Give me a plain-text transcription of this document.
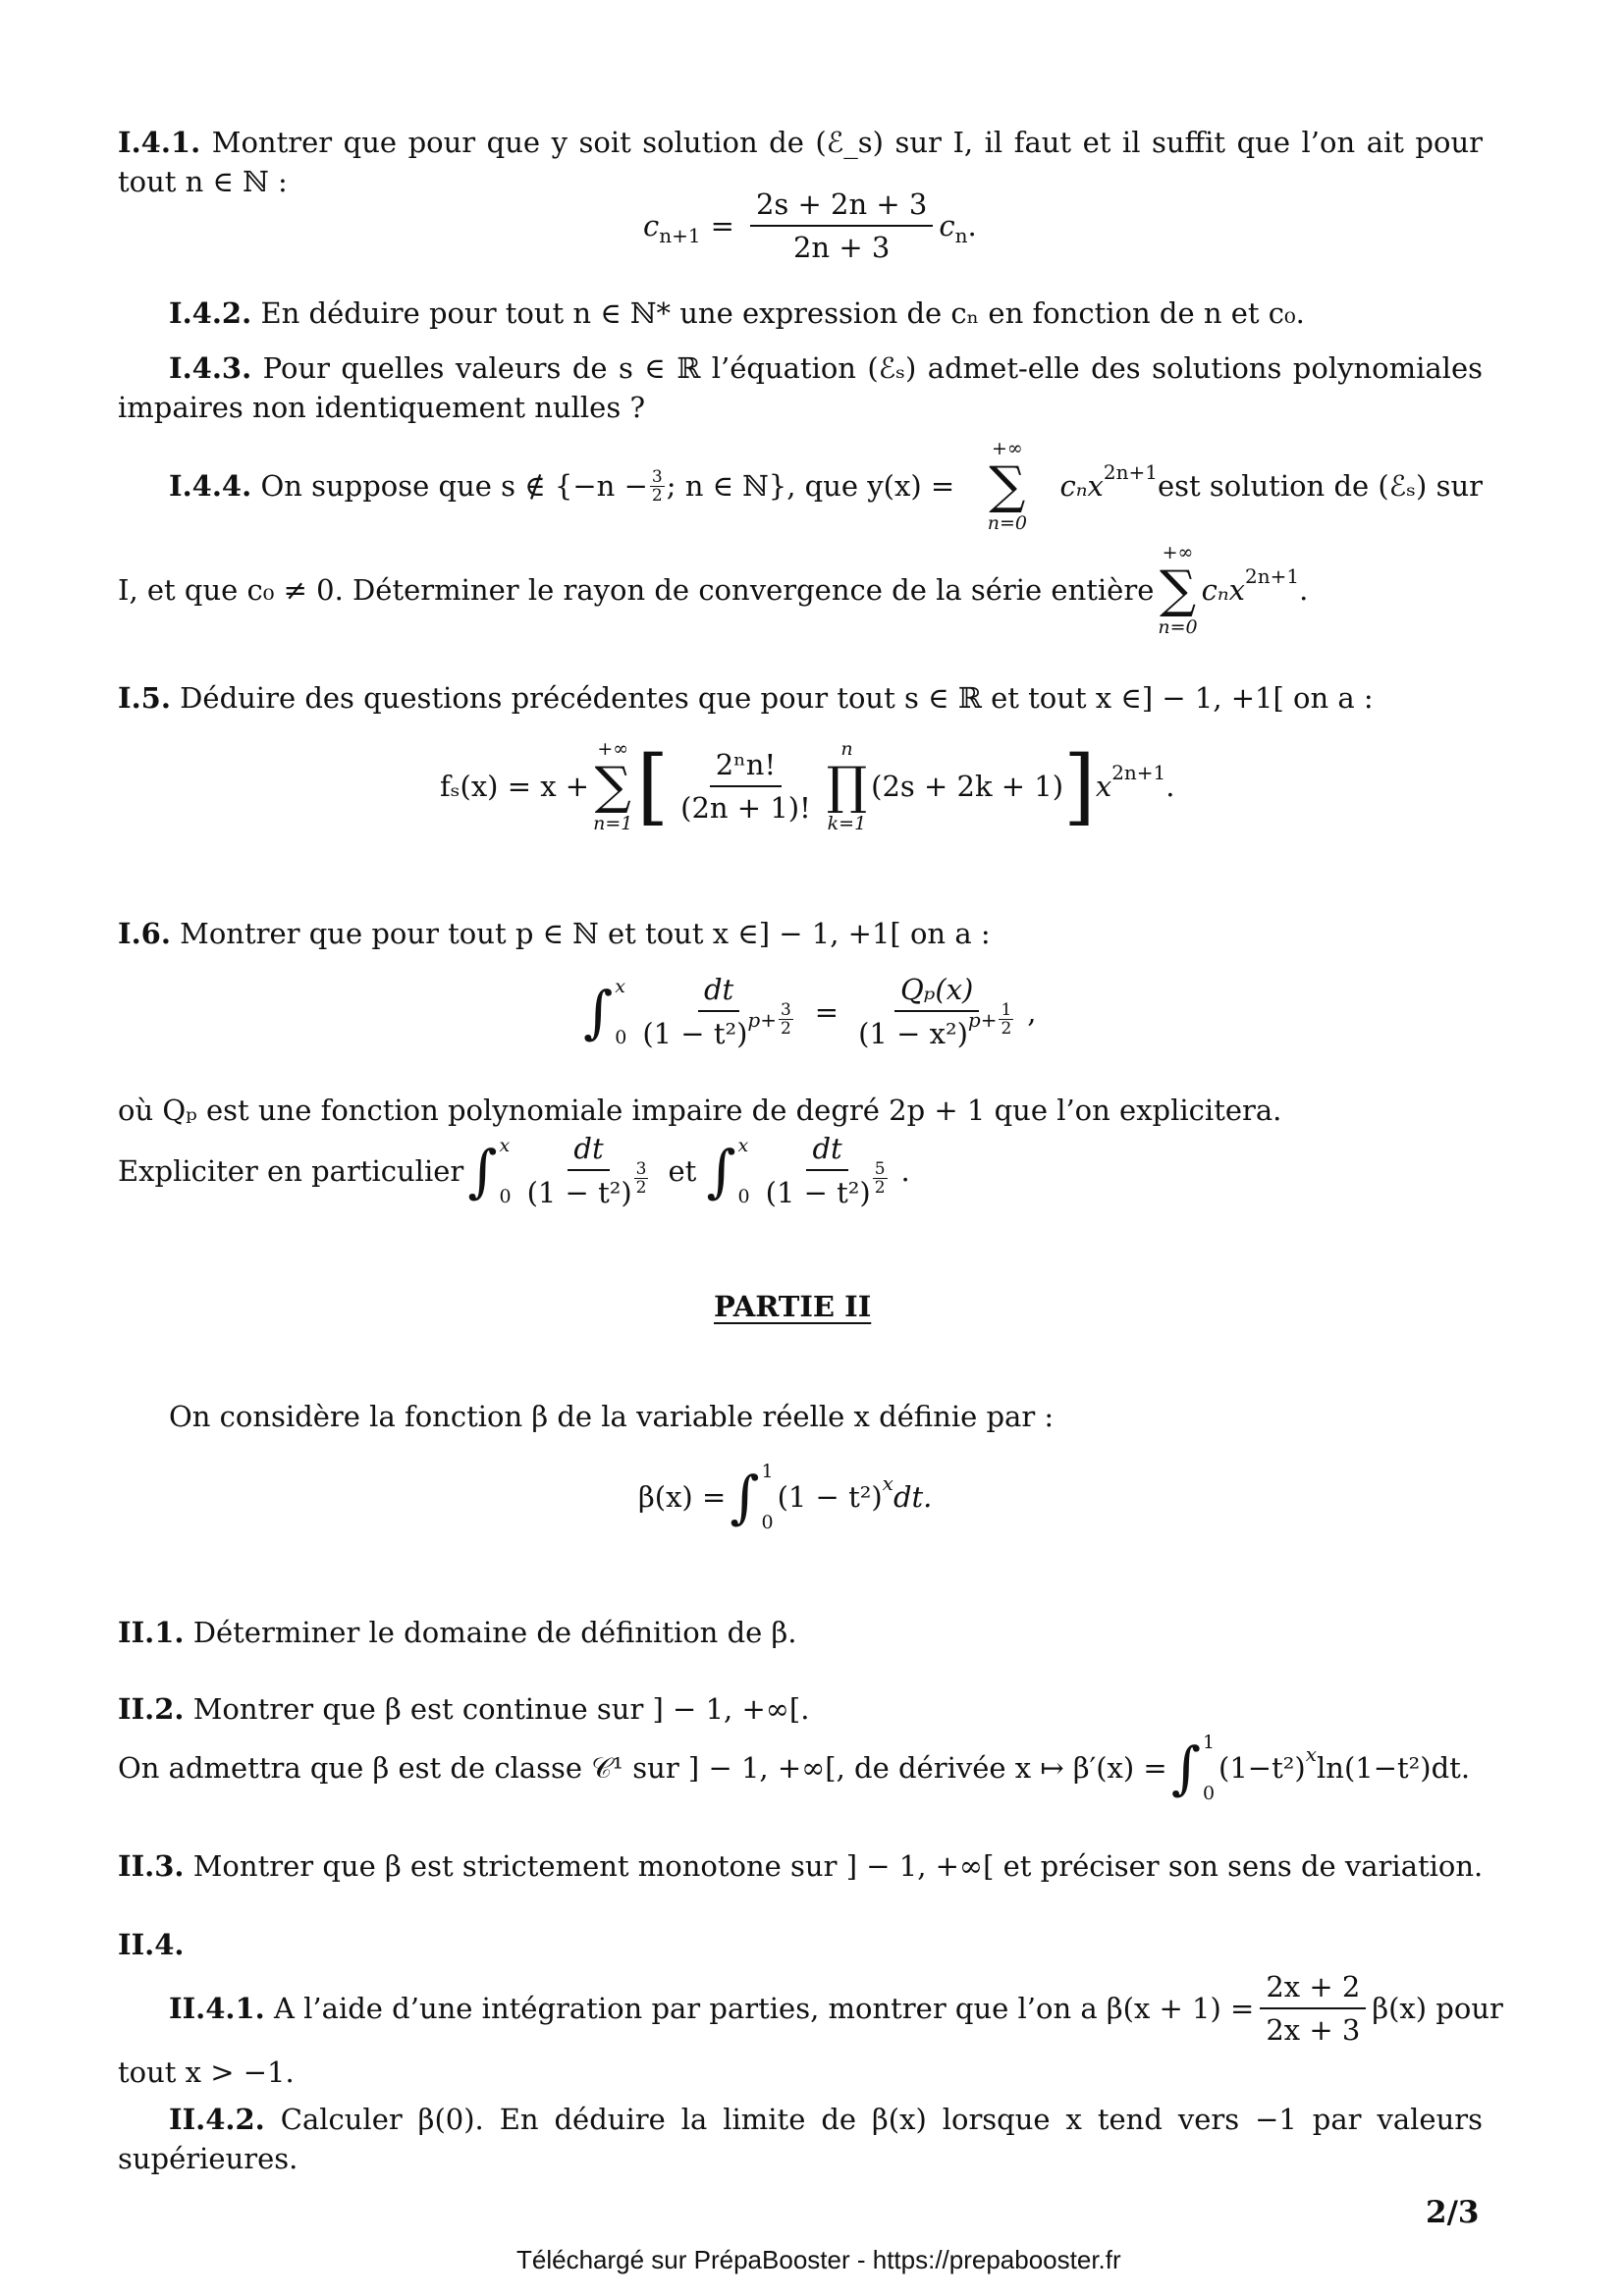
I.4.1. Montrer que pour que y soit solution de (ℰ_s) sur I, il faut et il suffit que l’on ait pour
tout n ∈ ℕ :
c $n+1 = \frac{2s + 2n + 3}{2n + 3}$ c n .
I.4.2. En déduire pour tout n ∈ ℕ* une expression de cₙ en fonction de n et c₀.
I.4.3. Pour quelles valeurs de s ∈ ℝ l’équation (ℰₛ) admet-elle des solutions polynomiales
impaires non identiquement nulles ?
I.4.4.
On suppose que s ∉ {$-n - \frac{3}{2}$ ; n ∈ ℕ}, que y(x) =
+∞
∑
n=0
cₙx 2n+1 est solution de (ℰₛ) sur
I, et que c₀ ≠ 0. Déterminer le rayon de convergence de la série entière
+∞
∑
n=0
cₙx 2n+1 .
I.5. Déduire des questions précédentes que pour tout s ∈ ℝ et tout x ∈] − 1, +1[ on a :
fₛ(x) = x +
+∞
∑
n=1 [ $\frac{\text{2ⁿn!}}{(2n + 1)!}$ n
∏
k=1
(2s + 2k + 1) ] x 2n+1 .
I.6. Montrer que pour tout p ∈ ℕ et tout x ∈] − 1, +1[ on a :
∫ x
$0 \frac{dt}{(1 - t^2) p+ \frac{3}{2}} = \frac{\text{Qₚ(x)}}{(1 - x^2) p+ \frac{1}{2}}$ ,
où Qₚ est une fonction polynomiale impaire de degré 2p + 1 que l’on explicitera.
Expliciter en particulier ∫ x
$0 \frac{dt}{(1 - t^2) \frac{3}{2}}$ et ∫ x
$0 \frac{dt}{(1 - t^2) \frac{5}{2}}$ .
PARTIE II
On considère la fonction β de la variable réelle x définie par :
β(x) = ∫ 1
0
(1 − t²) x dt.
II.1. Déterminer le domaine de définition de β.
II.2. Montrer que β est continue sur ] − 1, +∞[.
On admettra que β est de classe 𝒞¹ sur ] − 1, +∞[, de dérivée x ↦ β′(x) = ∫ 1
0
(1−t²) x ln(1−t²)dt.
II.3. Montrer que β est strictement monotone sur ] − 1, +∞[ et préciser son sens de variation.
II.4.
II.4.1. A l’aide d’une intégration par parties, montrer que l’on a $\beta(x + 1) = \frac{2x + 2}{2x + 3} \beta(x)$ pour
tout x > −1.
II.4.2. Calculer β(0). En déduire la limite de β(x) lorsque x tend vers −1 par valeurs
supérieures.
2/3
Téléchargé sur PrépaBooster - https://prepabooster.fr
